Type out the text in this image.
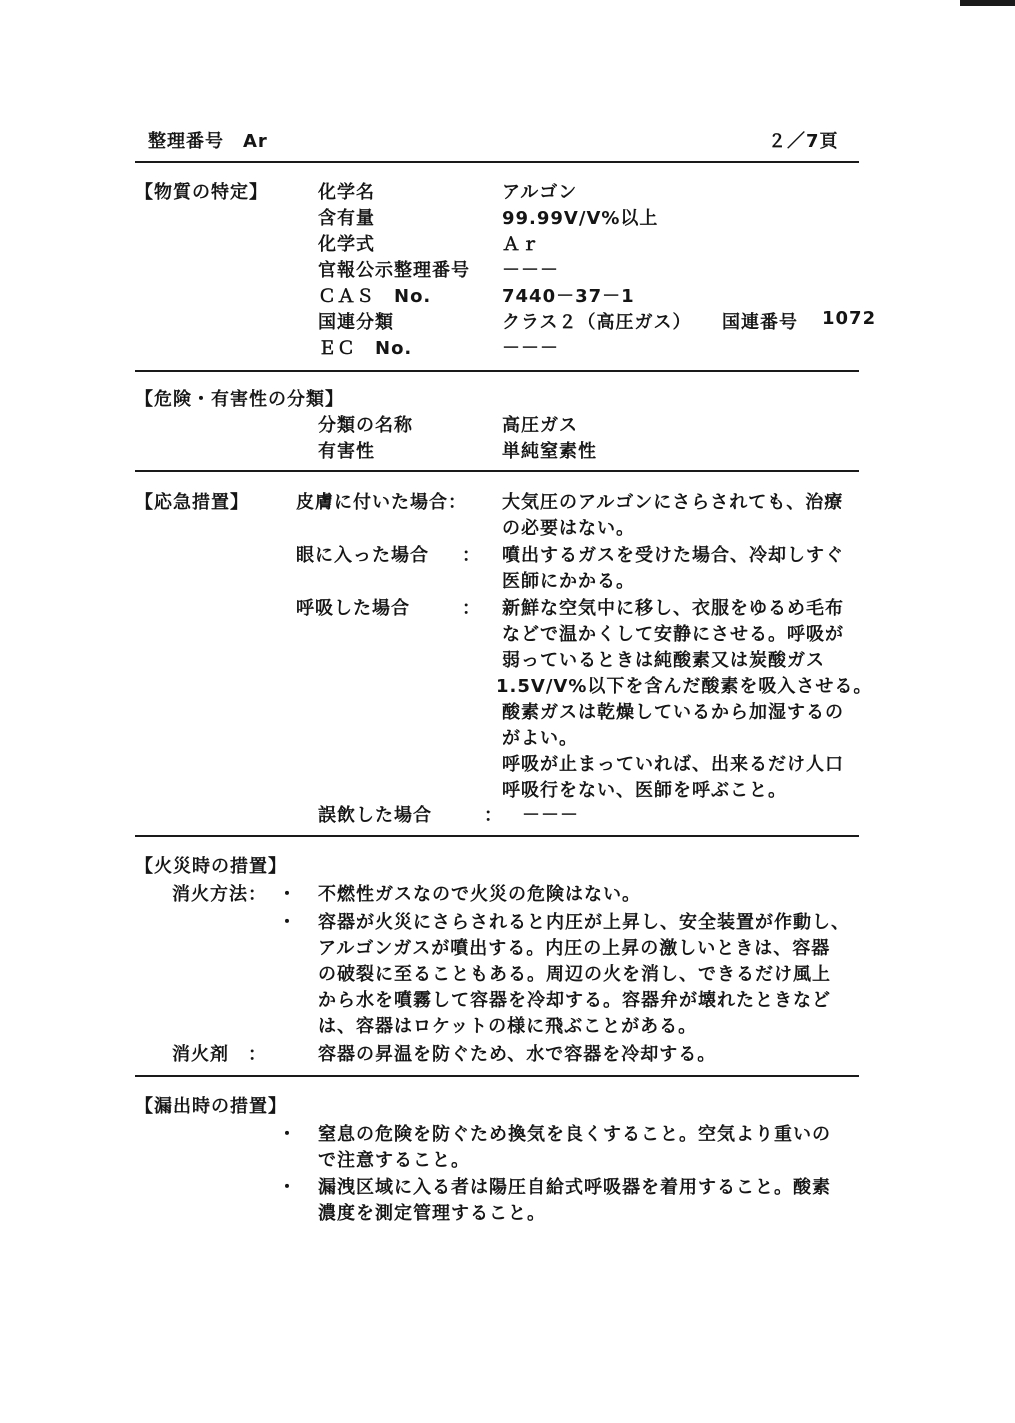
整理番号　Ar	２／7頁
【物質の特定】	化学名	アルゴン
含有量	99.99V/V%以上
化学式	Ａｒ
官報公示整理番号 －－－
ＣＡＳ　No.	7440－37－1
国連分類	クラス２（高圧ガス） 国連番号 1072
ＥＣ　No.	－－－
【危険・有害性の分類】
分類の名称	高圧ガス
有害性	単純窒素性
【応急措置】	皮膚に付いた場合： 大気圧のアルゴンにさらされても、治療
の必要はない。
眼に入った場合 ： 噴出するガスを受けた場合、冷却しすぐ
医師にかかる。
呼吸した場合	： 新鮮な空気中に移し、衣服をゆるめ毛布
などで温かくして安静にさせる。呼吸が
弱っているときは純酸素又は炭酸ガス
1.5V/V%以下を含んだ酸素を吸入させる。
酸素ガスは乾燥しているから加湿するの
がよい。
呼吸が止まっていれば、出来るだけ人口
呼吸行をない、医師を呼ぶこと。
誤飲した場合	： －－－
【火災時の措置】
消火方法： ・ 不燃性ガスなので火災の危険はない。
・ 容器が火災にさらされると内圧が上昇し、安全装置が作動し、
アルゴンガスが噴出する。内圧の上昇の激しいときは、容器
の破裂に至ることもある。周辺の火を消し、できるだけ風上
から水を噴霧して容器を冷却する。容器弁が壊れたときなど
は、容器はロケットの様に飛ぶことがある。
消火剤　：	容器の昇温を防ぐため、水で容器を冷却する。
【漏出時の措置】
・ 窒息の危険を防ぐため換気を良くすること。空気より重いの
で注意すること。
・ 漏洩区域に入る者は陽圧自給式呼吸器を着用すること。酸素
濃度を測定管理すること。
